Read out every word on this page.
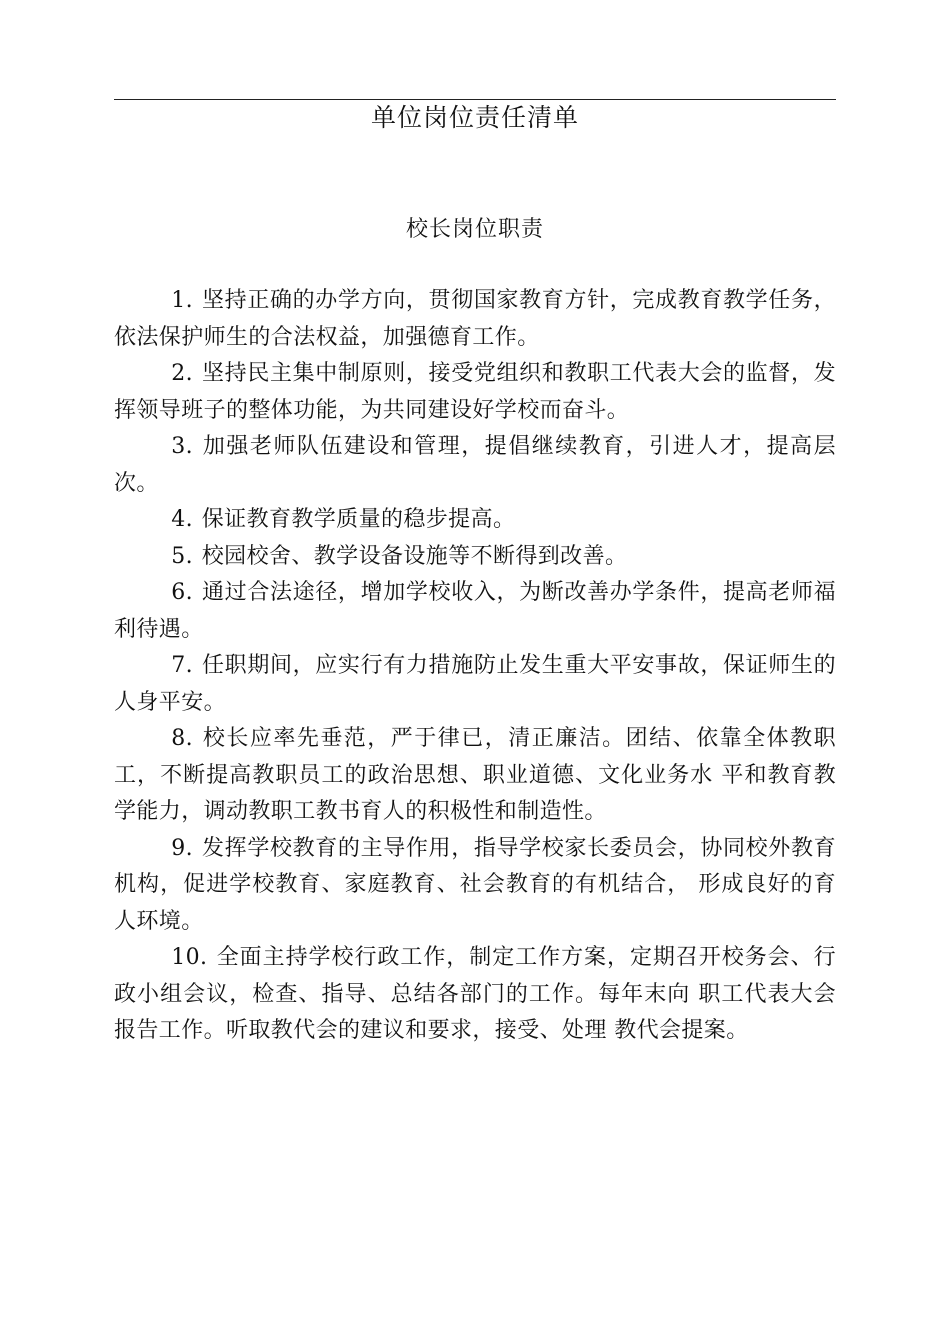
单位岗位责任清单
校长岗位职责
1. 坚持正确的办学方向，贯彻国家教育方针，完成教育教学任务，依法保护师生的合法权益，加强德育工作。
2. 坚持民主集中制原则，接受党组织和教职工代表大会的监督，发挥领导班子的整体功能，为共同建设好学校而奋斗。
3. 加强老师队伍建设和管理，提倡继续教育，引进人才，提高层次。
4. 保证教育教学质量的稳步提高。
5. 校园校舍、教学设备设施等不断得到改善。
6. 通过合法途径，增加学校收入，为断改善办学条件，提高老师福利待遇。
7. 任职期间，应实行有力措施防止发生重大平安事故，保证师生的人身平安。
8. 校长应率先垂范，严于律已，清正廉洁。团结、依靠全体教职工，不断提高教职员工的政治思想、职业道德、文化业务水 平和教育教学能力，调动教职工教书育人的积极性和制造性。
9. 发挥学校教育的主导作用，指导学校家长委员会，协同校外教育机构，促进学校教育、家庭教育、社会教育的有机结合， 形成良好的育人环境。
10. 全面主持学校行政工作，制定工作方案，定期召开校务会、行政小组会议，检查、指导、总结各部门的工作。每年末向 职工代表大会报告工作。听取教代会的建议和要求，接受、处理 教代会提案。
